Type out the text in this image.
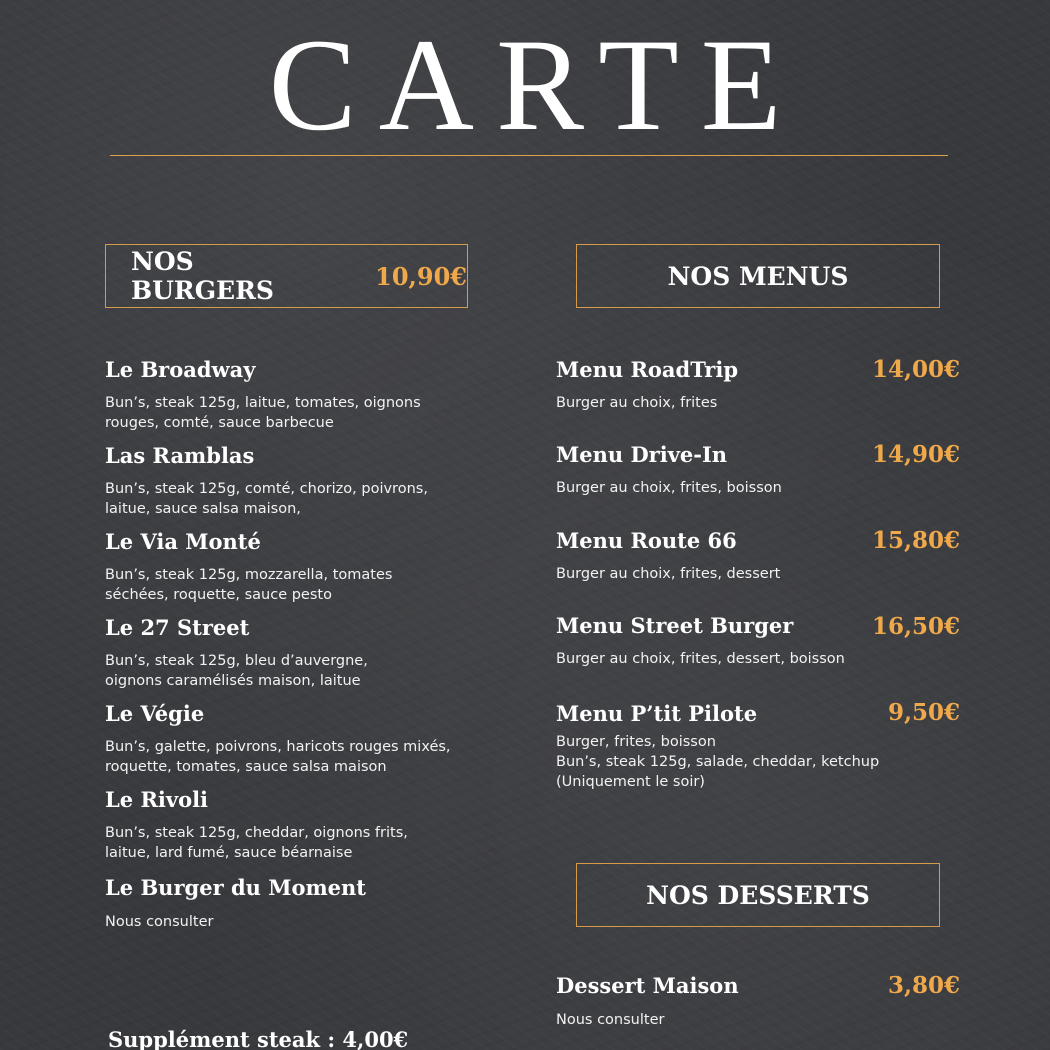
CARTE
NOS BURGERS	10,90€	NOS MENUS
NOS DESSERTS
Le Broadway
Bun’s, steak 125g, laitue, tomates, oignons
rouges, comté, sauce barbecue
Las Ramblas
Bun’s, steak 125g, comté, chorizo, poivrons,
laitue, sauce salsa maison,
Le Via Monté
Bun’s, steak 125g, mozzarella, tomates
séchées, roquette, sauce pesto
Le 27 Street
Bun’s, steak 125g, bleu d’auvergne,
oignons caramélisés maison, laitue
Le Végie
Bun’s, galette, poivrons, haricots rouges mixés,
roquette, tomates, sauce salsa maison
Le Rivoli
Bun’s, steak 125g, cheddar, oignons frits,
laitue, lard fumé, sauce béarnaise
Le Burger du Moment
Nous consulter
Supplément steak : 4,00€
Menu RoadTrip	14,00€
Burger au choix, frites
Menu Drive-In	14,90€
Burger au choix, frites, boisson
Menu Route 66	15,80€
Burger au choix, frites, dessert
Menu Street Burger	16,50€
Burger au choix, frites, dessert, boisson
Menu P’tit Pilote	9,50€
Burger, frites, boisson
Bun’s, steak 125g, salade, cheddar, ketchup
(Uniquement le soir)
Dessert Maison	3,80€
Nous consulter
